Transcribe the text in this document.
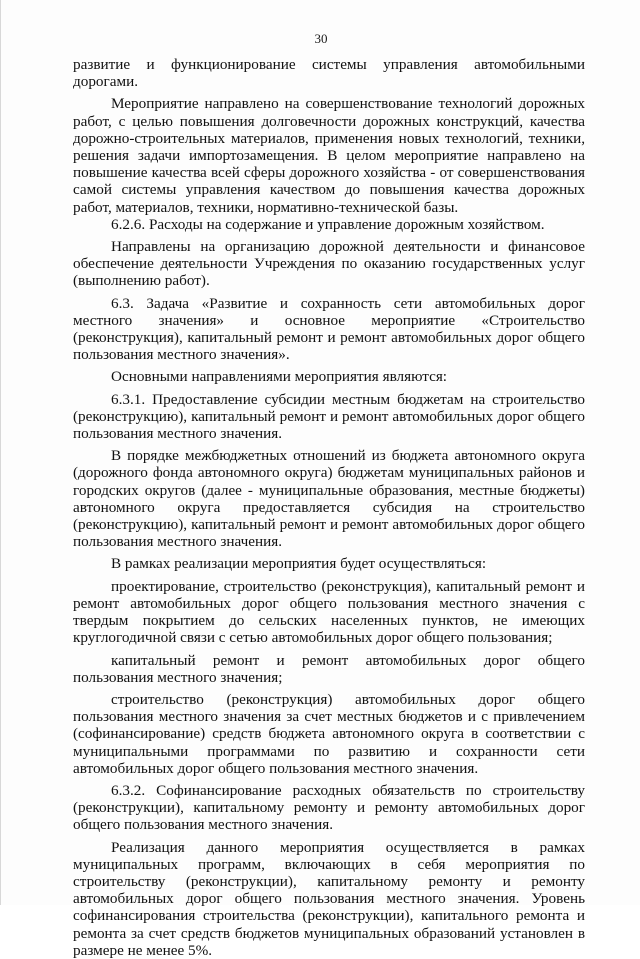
30

развитие и функционирование системы управления автомобильными дорогами.

Мероприятие направлено на совершенствование технологий дорожных работ, с целью повышения долговечности дорожных конструкций, качества дорожно-строительных материалов, применения новых технологий, техники, решения задачи импортозамещения. В целом мероприятие направлено на повышение качества всей сферы дорожного хозяйства - от совершенствования самой системы управления качеством до повышения качества дорожных работ, материалов, техники, нормативно-технической базы.

6.2.6. Расходы на содержание и управление дорожным хозяйством.

Направлены на организацию дорожной деятельности и финансовое обеспечение деятельности Учреждения по оказанию государственных услуг (выполнению работ).

6.3. Задача «Развитие и сохранность сети автомобильных дорог местного значения» и основное мероприятие «Строительство (реконструкция), капитальный ремонт и ремонт автомобильных дорог общего пользования местного значения».

Основными направлениями мероприятия являются:

6.3.1. Предоставление субсидии местным бюджетам на строительство (реконструкцию), капитальный ремонт и ремонт автомобильных дорог общего пользования местного значения.

В порядке межбюджетных отношений из бюджета автономного округа (дорожного фонда автономного округа) бюджетам муниципальных районов и городских округов (далее - муниципальные образования, местные бюджеты) автономного округа предоставляется субсидия на строительство (реконструкцию), капитальный ремонт и ремонт автомобильных дорог общего пользования местного значения.

В рамках реализации мероприятия будет осуществляться:

проектирование, строительство (реконструкция), капитальный ремонт и ремонт автомобильных дорог общего пользования местного значения с твердым покрытием до сельских населенных пунктов, не имеющих круглогодичной связи с сетью автомобильных дорог общего пользования;

капитальный ремонт и ремонт автомобильных дорог общего пользования местного значения;

строительство (реконструкция) автомобильных дорог общего пользования местного значения за счет местных бюджетов и с привлечением (софинансирование) средств бюджета автономного округа в соответствии с муниципальными программами по развитию и сохранности сети автомобильных дорог общего пользования местного значения.

6.3.2. Софинансирование расходных обязательств по строительству (реконструкции), капитальному ремонту и ремонту автомобильных дорог общего пользования местного значения.

Реализация данного мероприятия осуществляется в рамках муниципальных программ, включающих в себя мероприятия по строительству (реконструкции), капитальному ремонту и ремонту автомобильных дорог общего пользования местного значения. Уровень софинансирования строительства (реконструкции), капитального ремонта и ремонта за счет средств бюджетов муниципальных образований установлен в размере не менее 5%.
